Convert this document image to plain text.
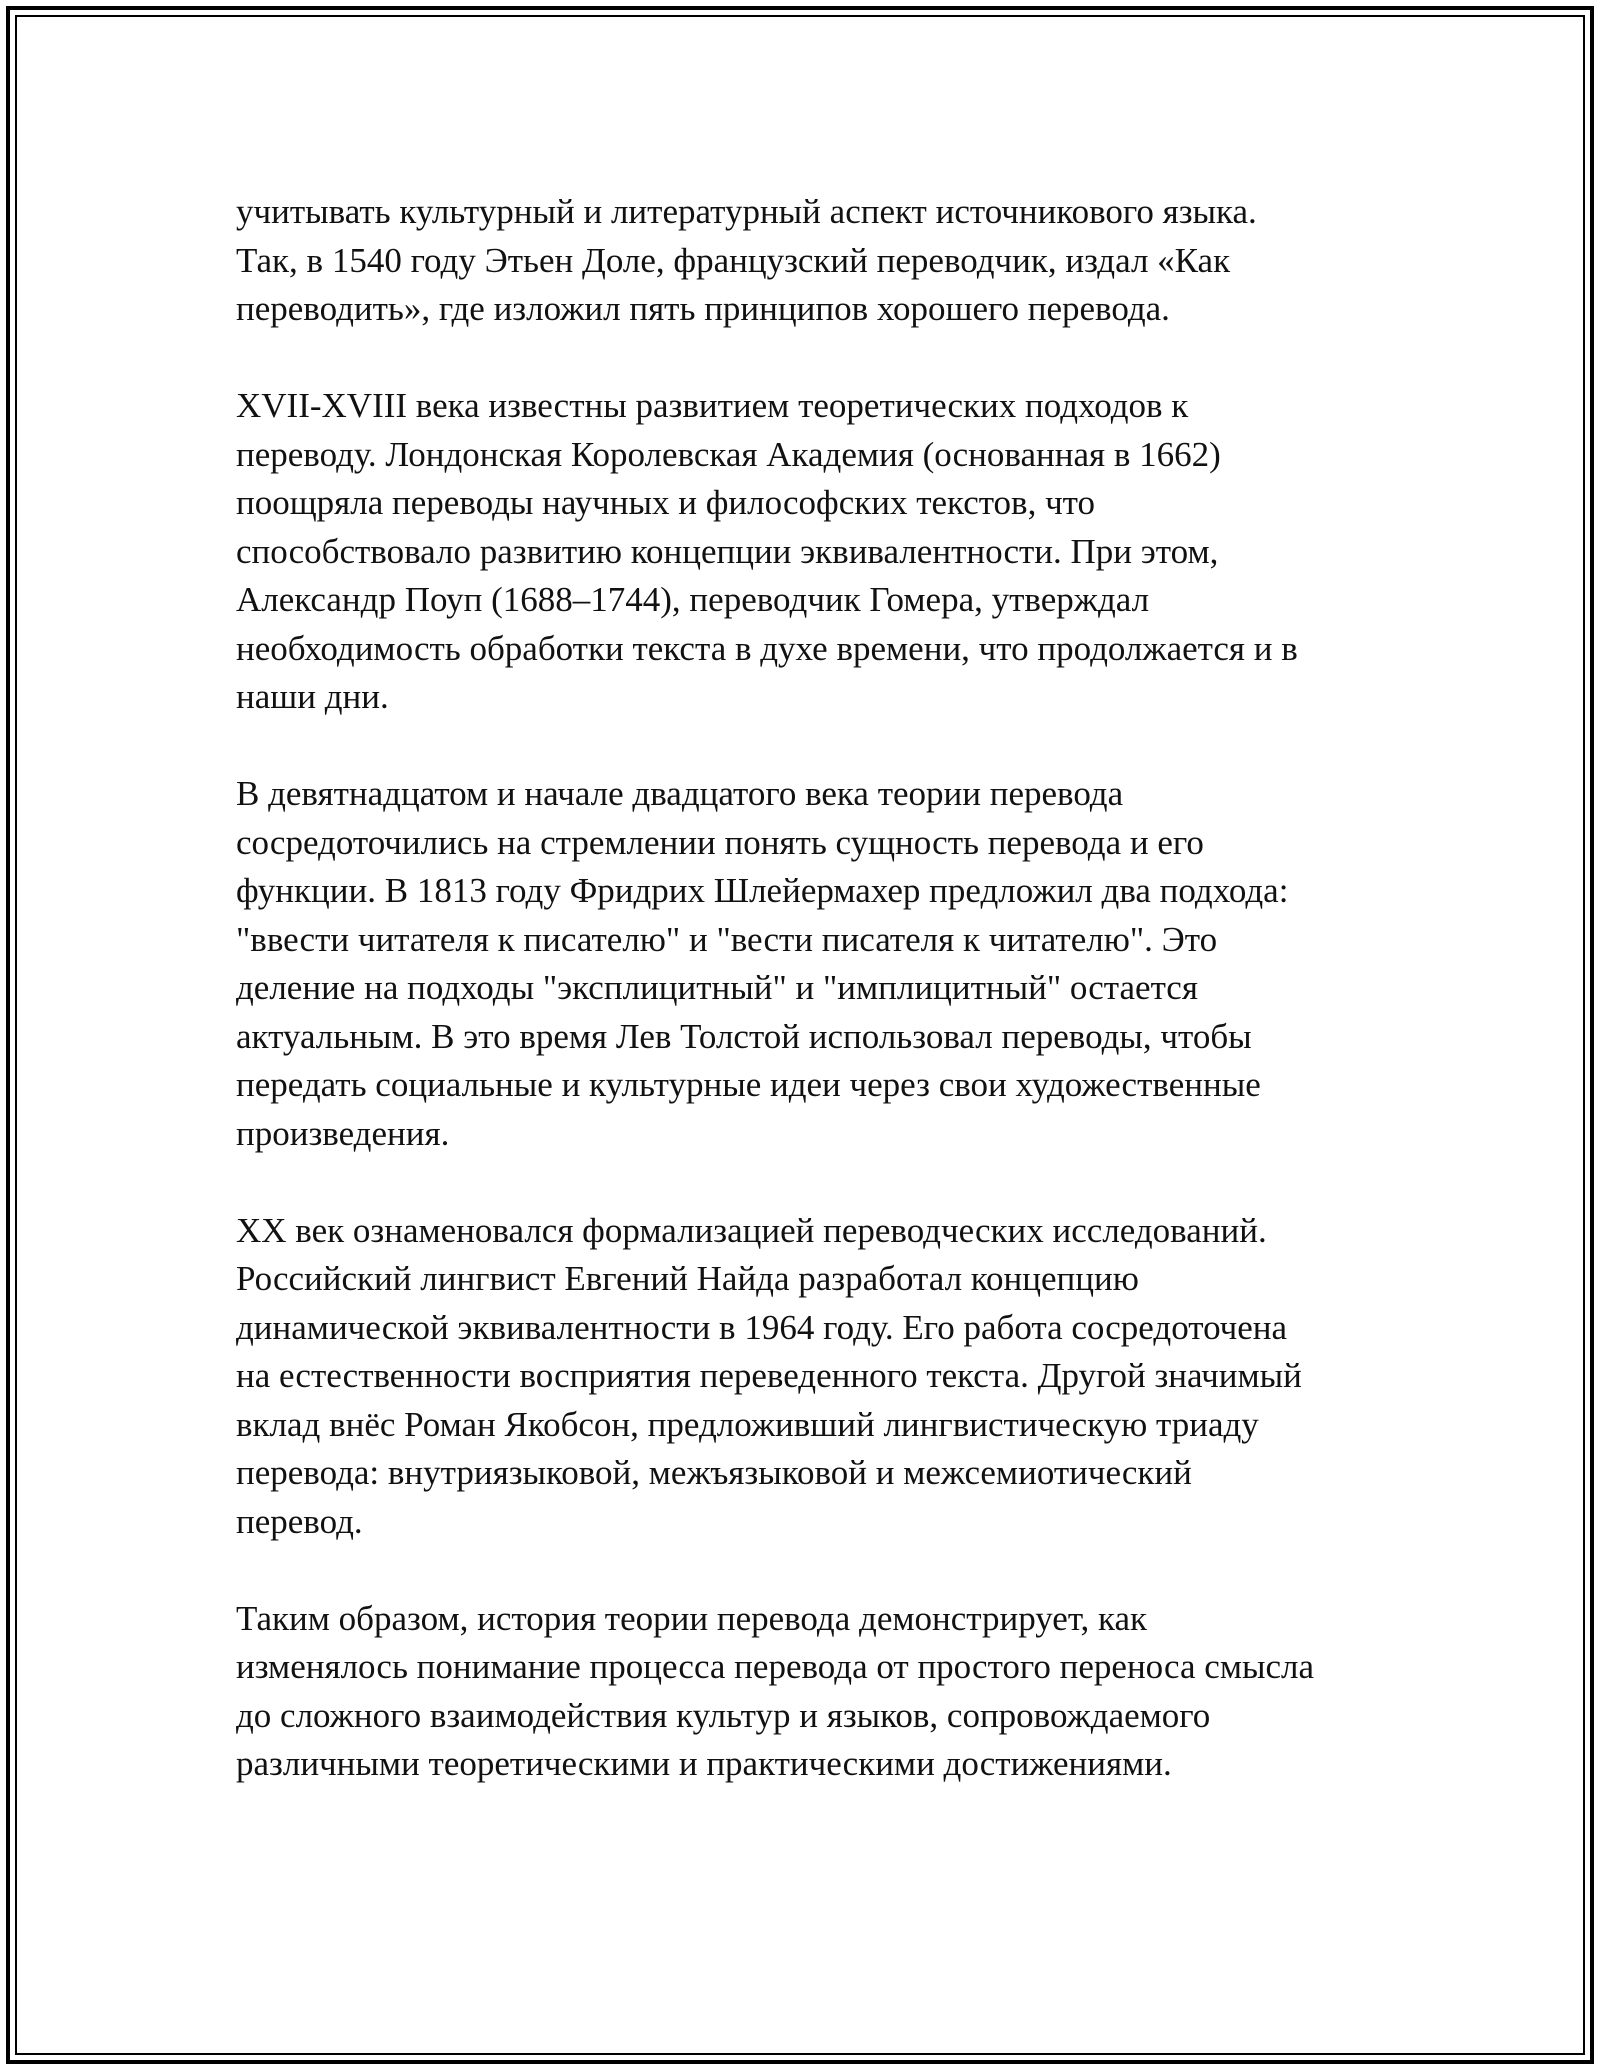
учитывать культурный и литературный аспект источникового языка.
Так, в 1540 году Этьен Доле, французский переводчик, издал «Как
переводить», где изложил пять принципов хорошего перевода.

XVII-XVIII века известны развитием теоретических подходов к
переводу. Лондонская Королевская Академия (основанная в 1662)
поощряла переводы научных и философских текстов, что
способствовало развитию концепции эквивалентности. При этом,
Александр Поуп (1688–1744), переводчик Гомера, утверждал
необходимость обработки текста в духе времени, что продолжается и в
наши дни.

В девятнадцатом и начале двадцатого века теории перевода
сосредоточились на стремлении понять сущность перевода и его
функции. В 1813 году Фридрих Шлейермахер предложил два подхода:
"ввести читателя к писателю" и "вести писателя к читателю". Это
деление на подходы "эксплицитный" и "имплицитный" остается
актуальным. В это время Лев Толстой использовал переводы, чтобы
передать социальные и культурные идеи через свои художественные
произведения.

XX век ознаменовался формализацией переводческих исследований.
Российский лингвист Евгений Найда разработал концепцию
динамической эквивалентности в 1964 году. Его работа сосредоточена
на естественности восприятия переведенного текста. Другой значимый
вклад внёс Роман Якобсон, предложивший лингвистическую триаду
перевода: внутриязыковой, межъязыковой и межсемиотический
перевод.

Таким образом, история теории перевода демонстрирует, как
изменялось понимание процесса перевода от простого переноса смысла
до сложного взаимодействия культур и языков, сопровождаемого
различными теоретическими и практическими достижениями.
